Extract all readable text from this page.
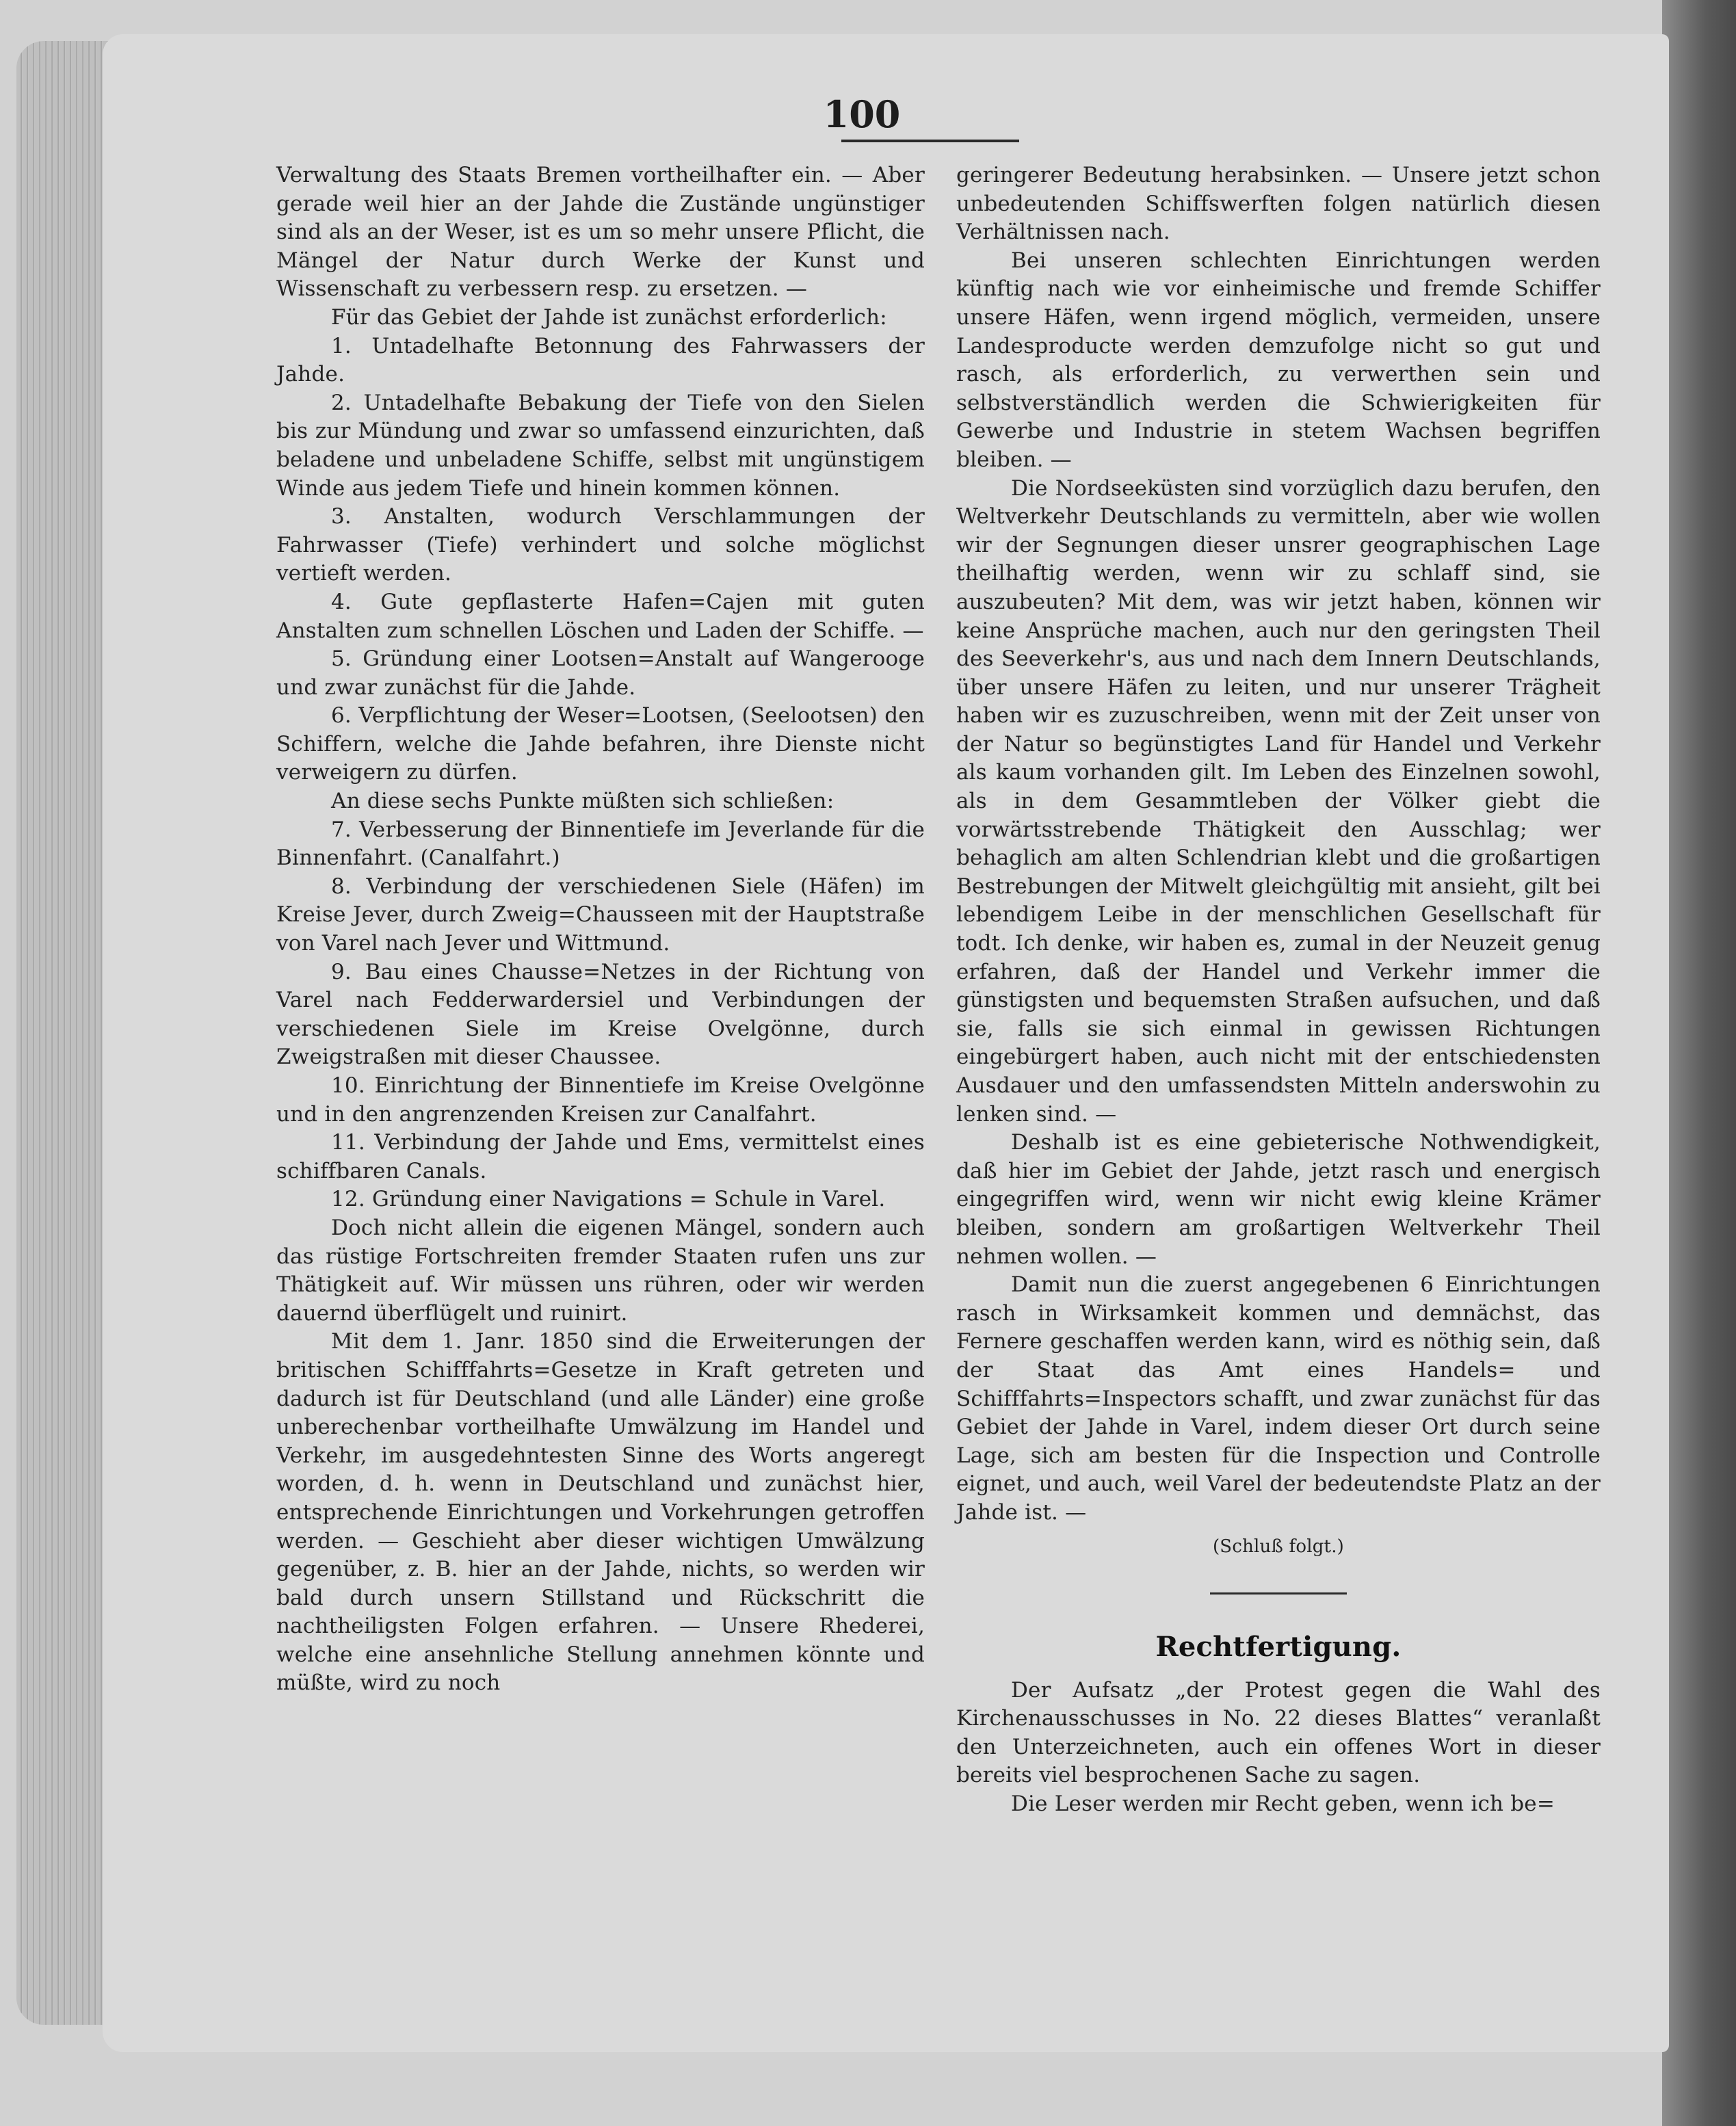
100

Verwaltung des Staats Bremen vortheilhafter ein. — Aber gerade weil hier an der Jahde die Zustände ungünstiger sind als an der Weser, ist es um so mehr unsere Pflicht, die Mängel der Natur durch Werke der Kunst und Wissenschaft zu verbessern resp. zu ersetzen. —

Für das Gebiet der Jahde ist zunächst erforderlich:

1. Untadelhafte Betonnung des Fahrwassers der Jahde.

2. Untadelhafte Bebakung der Tiefe von den Sielen bis zur Mündung und zwar so umfassend einzurichten, daß beladene und unbeladene Schiffe, selbst mit ungünstigem Winde aus jedem Tiefe und hinein kommen können.

3. Anstalten, wodurch Verschlammungen der Fahrwasser (Tiefe) verhindert und solche möglichst vertieft werden.

4. Gute gepflasterte Hafen=Cajen mit guten Anstalten zum schnellen Löschen und Laden der Schiffe. —

5. Gründung einer Lootsen=Anstalt auf Wangerooge und zwar zunächst für die Jahde.

6. Verpflichtung der Weser=Lootsen, (Seelootsen) den Schiffern, welche die Jahde befahren, ihre Dienste nicht verweigern zu dürfen.

An diese sechs Punkte müßten sich schließen:

7. Verbesserung der Binnentiefe im Jeverlande für die Binnenfahrt. (Canalfahrt.)

8. Verbindung der verschiedenen Siele (Häfen) im Kreise Jever, durch Zweig=Chausseen mit der Hauptstraße von Varel nach Jever und Wittmund.

9. Bau eines Chausse=Netzes in der Richtung von Varel nach Fedderwardersiel und Verbindungen der verschiedenen Siele im Kreise Ovelgönne, durch Zweigstraßen mit dieser Chaussee.

10. Einrichtung der Binnentiefe im Kreise Ovelgönne und in den angrenzenden Kreisen zur Canalfahrt.

11. Verbindung der Jahde und Ems, vermittelst eines schiffbaren Canals.

12. Gründung einer Navigations = Schule in Varel.

Doch nicht allein die eigenen Mängel, sondern auch das rüstige Fortschreiten fremder Staaten rufen uns zur Thätigkeit auf. Wir müssen uns rühren, oder wir werden dauernd überflügelt und ruinirt.

Mit dem 1. Janr. 1850 sind die Erweiterungen der britischen Schifffahrts=Gesetze in Kraft getreten und dadurch ist für Deutschland (und alle Länder) eine große unberechenbar vortheilhafte Umwälzung im Handel und Verkehr, im ausgedehntesten Sinne des Worts angeregt worden, d. h. wenn in Deutschland und zunächst hier, entsprechende Einrichtungen und Vorkehrungen getroffen werden. — Geschieht aber dieser wichtigen Umwälzung gegenüber, z. B. hier an der Jahde, nichts, so werden wir bald durch unsern Stillstand und Rückschritt die nachtheiligsten Folgen erfahren. — Unsere Rhederei, welche eine ansehnliche Stellung annehmen könnte und müßte, wird zu noch

geringerer Bedeutung herabsinken. — Unsere jetzt schon unbedeutenden Schiffswerften folgen natürlich diesen Verhältnissen nach.

Bei unseren schlechten Einrichtungen werden künftig nach wie vor einheimische und fremde Schiffer unsere Häfen, wenn irgend möglich, vermeiden, unsere Landesproducte werden demzufolge nicht so gut und rasch, als erforderlich, zu verwerthen sein und selbstverständlich werden die Schwierigkeiten für Gewerbe und Industrie in stetem Wachsen begriffen bleiben. —

Die Nordseeküsten sind vorzüglich dazu berufen, den Weltverkehr Deutschlands zu vermitteln, aber wie wollen wir der Segnungen dieser unsrer geographischen Lage theilhaftig werden, wenn wir zu schlaff sind, sie auszubeuten? Mit dem, was wir jetzt haben, können wir keine Ansprüche machen, auch nur den geringsten Theil des Seeverkehr's, aus und nach dem Innern Deutschlands, über unsere Häfen zu leiten, und nur unserer Trägheit haben wir es zuzuschreiben, wenn mit der Zeit unser von der Natur so begünstigtes Land für Handel und Verkehr als kaum vorhanden gilt. Im Leben des Einzelnen sowohl, als in dem Gesammtleben der Völker giebt die vorwärtsstrebende Thätigkeit den Ausschlag; wer behaglich am alten Schlendrian klebt und die großartigen Bestrebungen der Mitwelt gleichgültig mit ansieht, gilt bei lebendigem Leibe in der menschlichen Gesellschaft für todt. Ich denke, wir haben es, zumal in der Neuzeit genug erfahren, daß der Handel und Verkehr immer die günstigsten und bequemsten Straßen aufsuchen, und daß sie, falls sie sich einmal in gewissen Richtungen eingebürgert haben, auch nicht mit der entschiedensten Ausdauer und den umfassendsten Mitteln anderswohin zu lenken sind. —

Deshalb ist es eine gebieterische Nothwendigkeit, daß hier im Gebiet der Jahde, jetzt rasch und energisch eingegriffen wird, wenn wir nicht ewig kleine Krämer bleiben, sondern am großartigen Weltverkehr Theil nehmen wollen. —

Damit nun die zuerst angegebenen 6 Einrichtungen rasch in Wirksamkeit kommen und demnächst, das Fernere geschaffen werden kann, wird es nöthig sein, daß der Staat das Amt eines Handels= und Schifffahrts=Inspectors schafft, und zwar zunächst für das Gebiet der Jahde in Varel, indem dieser Ort durch seine Lage, sich am besten für die Inspection und Controlle eignet, und auch, weil Varel der bedeutendste Platz an der Jahde ist. —

(Schluß folgt.)

Rechtfertigung.

Der Aufsatz „der Protest gegen die Wahl des Kirchenausschusses in No. 22 dieses Blattes“ veranlaßt den Unterzeichneten, auch ein offenes Wort in dieser bereits viel besprochenen Sache zu sagen.

Die Leser werden mir Recht geben, wenn ich be=
